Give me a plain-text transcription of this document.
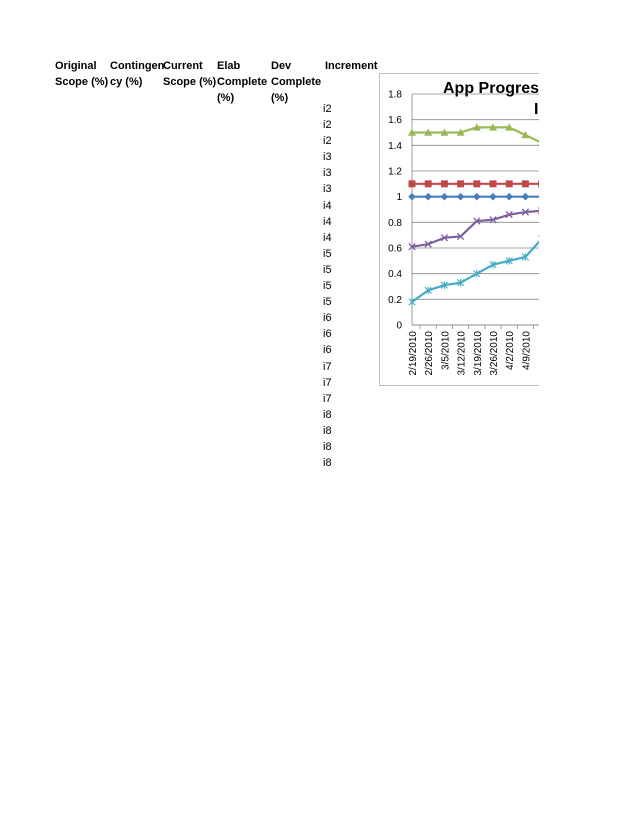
Original
Scope (%)
Contingen
cy (%)
Current
Scope (%)
Elab
Complete
(%)
Dev
Complete
(%)
Increment
i2
i2
i2
i3
i3
i3
i4
i4
i4
i5
i5
i5
i5
i6
i6
i6
i7
i7
i7
i8
i8
i8
i8
0
0.2
0.4
0.6
0.8
1
1.2
1.4
1.6
1.8
2/19/2010 2/26/2010 3/5/2010 3/12/2010 3/19/2010 3/26/2010 4/2/2010 4/9/2010
App Progres
I
